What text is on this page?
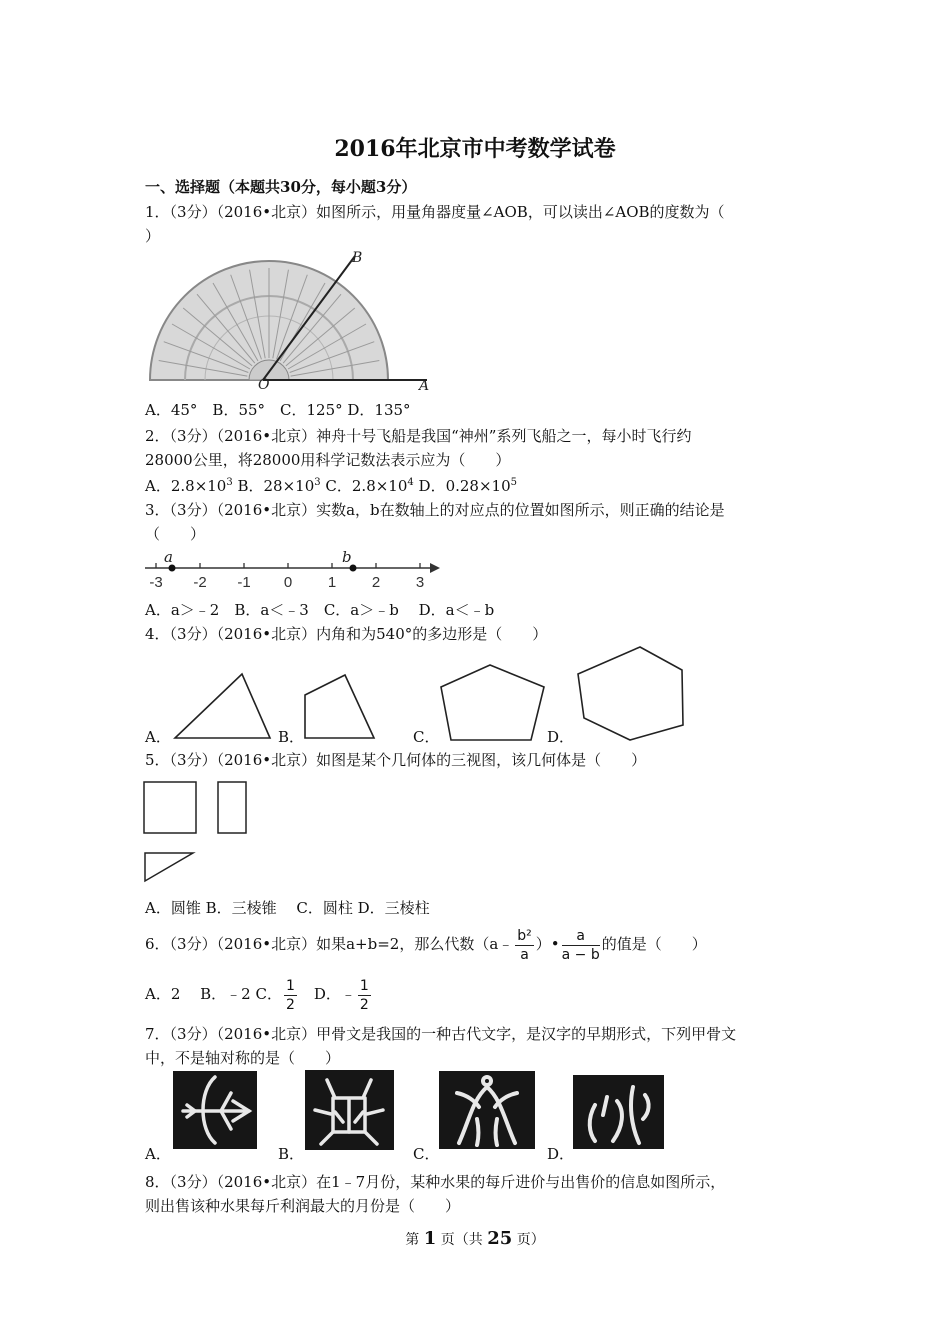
2016年北京市中考数学试卷
一、选择题（本题共30分，每小题3分）
1．（3分）（2016•北京）如图所示，用量角器度量∠AOB，可以读出∠AOB的度数为（
）
B
O	A
A．45°　B．55°　C．125° D．135°
2．（3分）（2016•北京）神舟十号飞船是我国“神州”系列飞船之一，每小时飞行约
28000公里，将28000用科学记数法表示应为（　　）
A．$2.8\times 10^3$ B．$28\times 10^3$ C．$2.8\times 10^4$ D．$0.28\times 10^5$
3．（3分）（2016•北京）实数a，b在数轴上的对应点的位置如图所示，则正确的结论是
（　　）
-3 -2 -1 0 1 2 3
a	b
A．a＞﹣2　B．a＜﹣3　C．a＞﹣b　 D．a＜﹣b
4．（3分）（2016•北京）内角和为540°的多边形是（　　）
A．	B．	C．	D．
5．（3分）（2016•北京）如图是某个几何体的三视图，该几何体是（　　）
A．圆锥 B．三棱锥　 C．圆柱 D．三棱柱
6．（3分）（2016•北京）如果a+b=2，那么代数（a﹣ $\frac{\text{b²}}{a}$ ）• $\frac{a}{a - b}$ 的值是（　　）
A．2　 B．﹣2 C． $\frac{1}{2}$ 　D．﹣ $\frac{1}{2}$
7．（3分）（2016•北京）甲骨文是我国的一种古代文字，是汉字的早期形式，下列甲骨文
中，不是轴对称的是（　　）
A．	B．	C．	D．
8．（3分）（2016•北京）在1﹣7月份，某种水果的每斤进价与出售价的信息如图所示，
则出售该种水果每斤利润最大的月份是（　　）
第 1 页（共 25 页）
